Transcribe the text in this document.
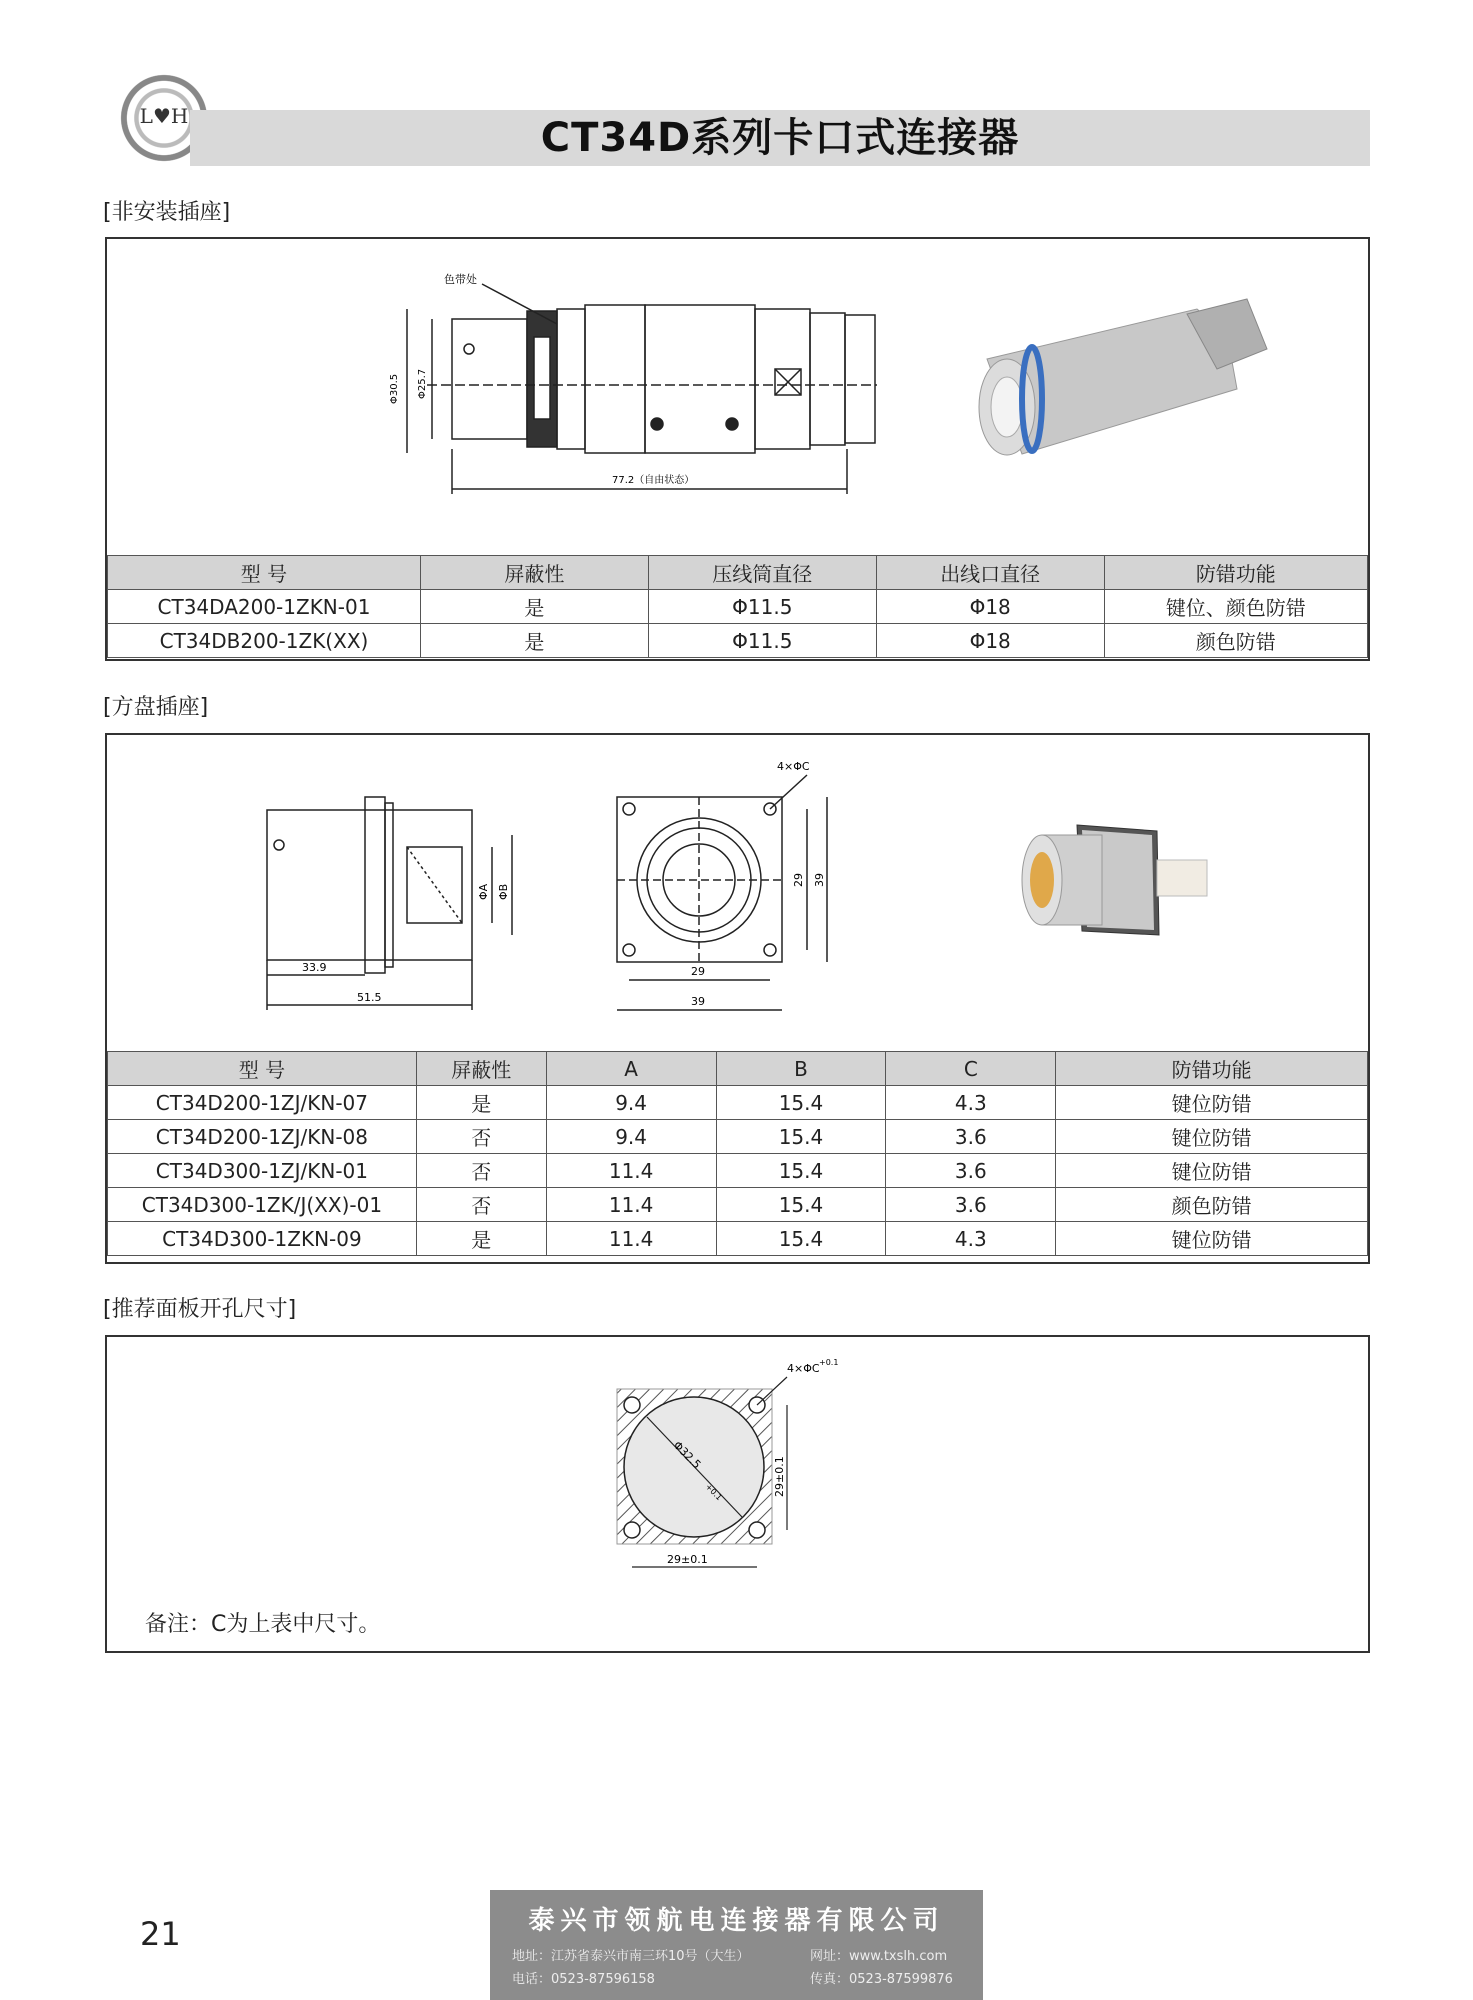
L♥H	CT34D系列卡口式连接器
[非安装插座]
色带处
Φ30.5 Φ25.7
77.2（自由状态）
型 号	屏蔽性	压线筒直径	出线口直径	防错功能
CT34DA200-1ZKN-01	是	Φ11.5	Φ18	键位、颜色防错
CT34DB200-1ZK(XX)	是	Φ11.5	Φ18	颜色防错
[方盘插座]
4×ΦC
ΦA ΦB
33.9
51.5
29 39
29
39
型 号	屏蔽性	A	B	C	防错功能
CT34D200-1ZJ/KN-07	是	9.4	15.4	4.3	键位防错
CT34D200-1ZJ/KN-08	否	9.4	15.4	3.6	键位防错
CT34D300-1ZJ/KN-01	否	11.4	15.4	3.6	键位防错
CT34D300-1ZK/J(XX)-01	否	11.4	15.4	3.6	颜色防错
CT34D300-1ZKN-09	是	11.4	15.4	4.3	键位防错
[推荐面板开孔尺寸]
4×ΦC +0.1
Φ32.5
+0.1	29±0.1
29±0.1
备注：C为上表中尺寸。
21	泰兴市领航电连接器有限公司
地址：江苏省泰兴市南三环10号（大生）	网址：www.txslh.com
电话：0523-87596158	传真：0523-87599876
